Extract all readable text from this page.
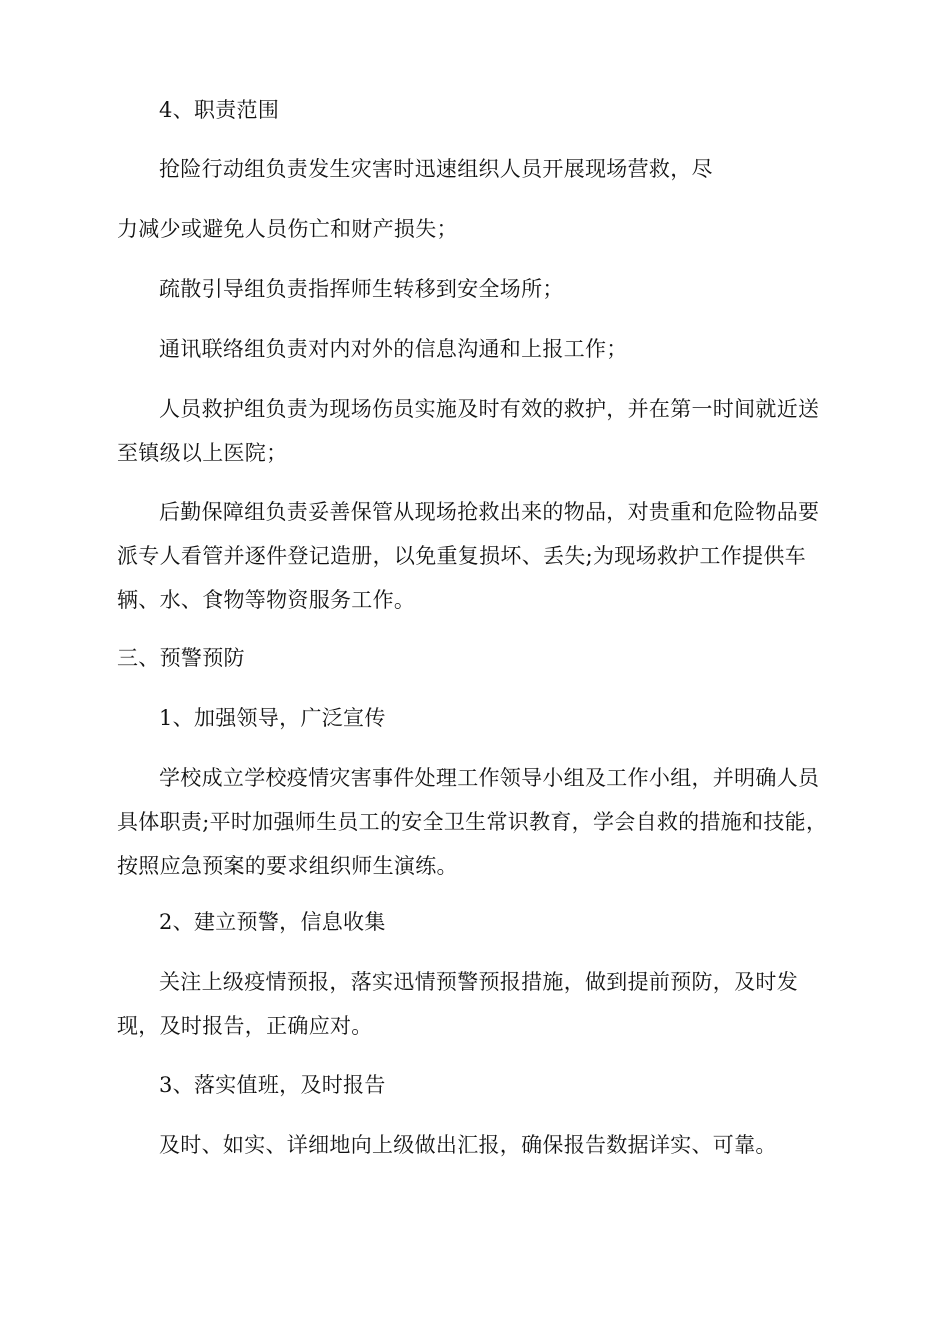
4、职责范围
抢险行动组负责发生灾害时迅速组织人员开展现场营救，尽
力减少或避免人员伤亡和财产损失；
疏散引导组负责指挥师生转移到安全场所；
通讯联络组负责对内对外的信息沟通和上报工作；

人员救护组负责为现场伤员实施及时有效的救护，并在第一时间就近送至镇级以上医院；

后勤保障组负责妥善保管从现场抢救出来的物品，对贵重和危险物品要派专人看管并逐件登记造册，以免重复损坏、丢失;为现场救护工作提供车辆、水、食物等物资服务工作。

三、预警预防
1、加强领导，广泛宣传

学校成立学校疫情灾害事件处理工作领导小组及工作小组，并明确人员具体职责;平时加强师生员工的安全卫生常识教育，学会自救的措施和技能，按照应急预案的要求组织师生演练。

2、建立预警，信息收集

关注上级疫情预报，落实迅情预警预报措施，做到提前预防，及时发现，及时报告，正确应对。

3、落实值班，及时报告
及时、如实、详细地向上级做出汇报，确保报告数据详实、可靠。
